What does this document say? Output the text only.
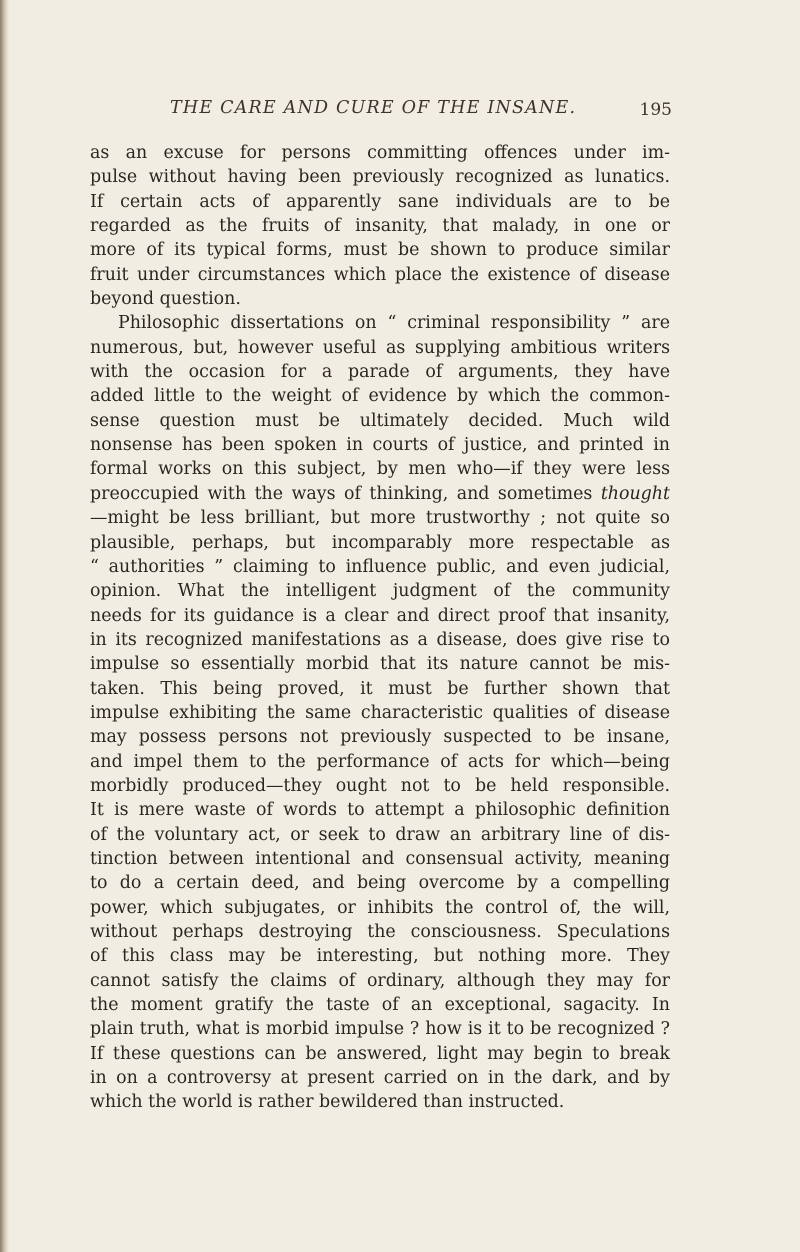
THE CARE AND CURE OF THE INSANE.	195
as an excuse for persons committing offences under im-
pulse without having been previously recognized as lunatics.
If certain acts of apparently sane individuals are to be
regarded as the fruits of insanity, that malady, in one or
more of its typical forms, must be shown to produce similar
fruit under circumstances which place the existence of disease
beyond question.
Philosophic dissertations on “ criminal responsibility ” are
numerous, but, however useful as supplying ambitious writers
with the occasion for a parade of arguments, they have
added little to the weight of evidence by which the common-
sense question must be ultimately decided. Much wild
nonsense has been spoken in courts of justice, and printed in
formal works on this subject, by men who—if they were less
preoccupied with the ways of thinking, and sometimes thought
—might be less brilliant, but more trustworthy ; not quite so
plausible, perhaps, but incomparably more respectable as
“ authorities ” claiming to influence public, and even judicial,
opinion. What the intelligent judgment of the community
needs for its guidance is a clear and direct proof that insanity,
in its recognized manifestations as a disease, does give rise to
impulse so essentially morbid that its nature cannot be mis-
taken. This being proved, it must be further shown that
impulse exhibiting the same characteristic qualities of disease
may possess persons not previously suspected to be insane,
and impel them to the performance of acts for which—being
morbidly produced—they ought not to be held responsible.
It is mere waste of words to attempt a philosophic definition
of the voluntary act, or seek to draw an arbitrary line of dis-
tinction between intentional and consensual activity, meaning
to do a certain deed, and being overcome by a compelling
power, which subjugates, or inhibits the control of, the will,
without perhaps destroying the consciousness. Speculations
of this class may be interesting, but nothing more. They
cannot satisfy the claims of ordinary, although they may for
the moment gratify the taste of an exceptional, sagacity. In
plain truth, what is morbid impulse ? how is it to be recognized ?
If these questions can be answered, light may begin to break
in on a controversy at present carried on in the dark, and by
which the world is rather bewildered than instructed.
